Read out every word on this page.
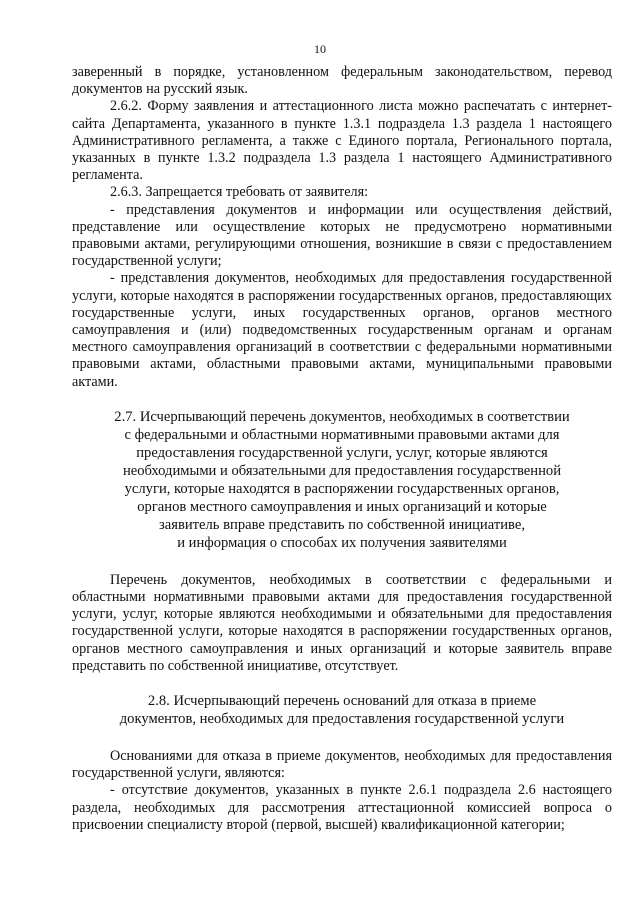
10

заверенный в порядке, установленном федеральным законодательством, перевод документов на русский язык.

2.6.2. Форму заявления и аттестационного листа можно распечатать с интернет-сайта Департамента, указанного в пункте 1.3.1 подраздела 1.3 раздела 1 настоящего Административного регламента, а также с Единого портала, Регионального портала, указанных в пункте 1.3.2 подраздела 1.3 раздела 1 настоящего Административного регламента.

2.6.3. Запрещается требовать от заявителя:

- представления документов и информации или осуществления действий, представление или осуществление которых не предусмотрено нормативными правовыми актами, регулирующими отношения, возникшие в связи с предоставлением государственной услуги;

- представления документов, необходимых для предоставления государственной услуги, которые находятся в распоряжении государственных органов, предоставляющих государственные услуги, иных государственных органов, органов местного самоуправления и (или) подведомственных государственным органам и органам местного самоуправления организаций в соответствии с федеральными нормативными правовыми актами, областными правовыми актами, муниципальными правовыми актами.

2.7. Исчерпывающий перечень документов, необходимых в соответствии
с федеральными и областными нормативными правовыми актами для
предоставления государственной услуги, услуг, которые являются
необходимыми и обязательными для предоставления государственной
услуги, которые находятся в распоряжении государственных органов,
органов местного самоуправления и иных организаций и которые
заявитель вправе представить по собственной инициативе,
и информация о способах их получения заявителями

Перечень документов, необходимых в соответствии с федеральными и областными нормативными правовыми актами для предоставления государственной услуги, услуг, которые являются необходимыми и обязательными для предоставления государственной услуги, которые находятся в распоряжении государственных органов, органов местного самоуправления и иных организаций и которые заявитель вправе представить по собственной инициативе, отсутствует.

2.8. Исчерпывающий перечень оснований для отказа в приеме
документов, необходимых для предоставления государственной услуги

Основаниями для отказа в приеме документов, необходимых для предоставления государственной услуги, являются:

- отсутствие документов, указанных в пункте 2.6.1 подраздела 2.6 настоящего раздела, необходимых для рассмотрения аттестационной комиссией вопроса о присвоении специалисту второй (первой, высшей) квалификационной категории;
